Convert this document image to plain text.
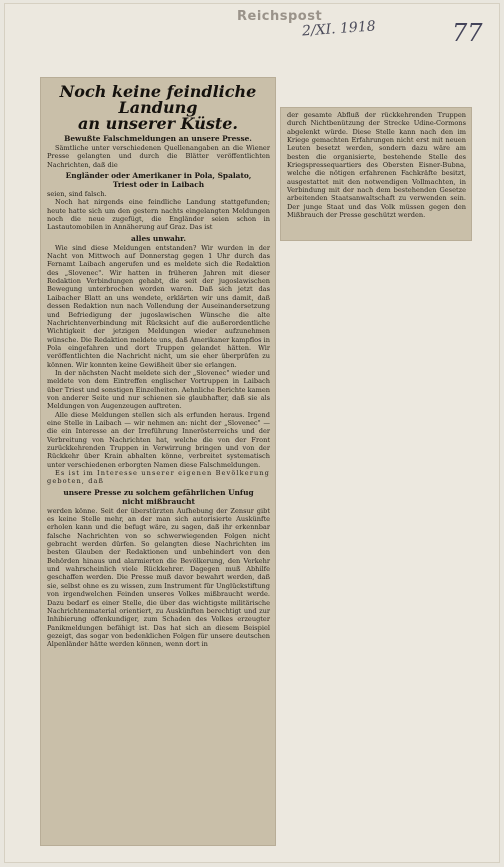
Reichspost
2/XI. 1918	77
Noch keine feindliche Landung
an unserer Küste.
Bewußte Falschmeldungen an unsere Presse.

Sämtliche unter verschiedenen Quellenangaben an die Wiener Presse gelangten und durch die Blätter veröffentlichten Nachrichten, daß die

Engländer oder Amerikaner in Pola, Spalato, Triest oder in Laibach

seien, sind falsch.

Noch hat nirgends eine feindliche Landung stattgefunden; heute hatte sich um den gestern nachts eingelangten Meldungen noch die neue zugefügt, die Engländer seien schon in Lastautomobilen in Annäherung auf Graz. Das ist

alles unwahr.

Wie sind diese Meldungen entstanden? Wir wurden in der Nacht von Mittwoch auf Donnerstag gegen 1 Uhr durch das Fernamt Laibach angerufen und es meldete sich die Redaktion des „Slovenec". Wir hatten in früheren Jahren mit dieser Redaktion Verbindungen gehabt, die seit der jugoslawischen Bewegung unterbrochen worden waren. Daß sich jetzt das Laibacher Blatt an uns wendete, erklärten wir uns damit, daß dessen Redaktion nun nach Vollendung der Auseinandersetzung und Befriedigung der jugoslawischen Wünsche die alte Nachrichtenverbindung mit Rücksicht auf die außerordentliche Wichtigkeit der jetzigen Meldungen wieder aufzunehmen wünsche. Die Redaktion meldete uns, daß Amerikaner kampflos in Pola eingefahren und dort Truppen gelandet hätten. Wir veröffentlichten die Nachricht nicht, um sie eher überprüfen zu können. Wir konnten keine Gewißheit über sie erlangen.

In der nächsten Nacht meldete sich der „Slovenec" wieder und meldete von dem Eintreffen englischer Vortruppen in Laibach über Triest und sonstigen Einzelheiten. Aehnliche Berichte kamen von anderer Seite und nur schienen sie glaubhafter, daß sie als Meldungen von Augenzeugen auftreten.

Alle diese Meldungen stellen sich als erfunden heraus. Irgend eine Stelle in Laibach — wir nehmen an: nicht der „Slovenec" — die ein Interesse an der Irreführung Innerösterreichs und der Verbreitung von Nachrichten hat, welche die von der Front zurückkehrenden Truppen in Verwirrung bringen und von der Rückkehr über Krain abhalten könne, verbreitet systematisch unter verschiedenen erborgten Namen diese Falschmeldungen.

Es ist im Interesse unserer eigenen Bevölkerung geboten, daß

unsere Presse zu solchem gefährlichen Unfug nicht mißbraucht

werden könne. Seit der überstürzten Aufhebung der Zensur gibt es keine Stelle mehr, an der man sich autorisierte Auskünfte erholen kann und die befugt wäre, zu sagen, daß ihr erkennbar falsche Nachrichten von so schwerwiegenden Folgen nicht gebracht werden dürfen. So gelangten diese Nachrichten im besten Glauben der Redaktionen und unbehindert von den Behörden hinaus und alarmierten die Bevölkerung, den Verkehr und wahrscheinlich viele Rückkehrer. Dagegen muß Abhilfe geschaffen werden. Die Presse muß davor bewahrt werden, daß sie, selbst ohne es zu wissen, zum Instrument für Unglückstiftung von irgendwelchen Feinden unseres Volkes mißbraucht werde. Dazu bedarf es einer Stelle, die über das wichtigste militärische Nachrichtenmaterial orientiert, zu Auskünften berechtigt und zur Inhibierung offenkundiger, zum Schaden des Volkes erzeugter Panikmeldungen befähigt ist. Das hat sich an diesem Beispiel gezeigt, das sogar von bedenklichen Folgen für unsere deutschen Alpenländer hätte werden können, wenn dort in

der gesamte Abfluß der rückkehrenden Truppen durch Nichtbenützung der Strecke Udine-Cormons abgelenkt würde. Diese Stelle kann nach den im Kriege gemachten Erfahrungen nicht erst mit neuen Leuten besetzt werden, sondern dazu wäre am besten die organisierte, bestehende Stelle des Kriegspressequartiers des Obersten Eisner-Bubna, welche die nötigen erfahrenen Fachkräfte besitzt, ausgestattet mit den notwendigen Vollmachten, in Verbindung mit der nach dem bestehenden Gesetze arbeitenden Staatsanwaltschaft zu verwenden sein. Der junge Staat und das Volk müssen gegen den Mißbrauch der Presse geschützt werden.
